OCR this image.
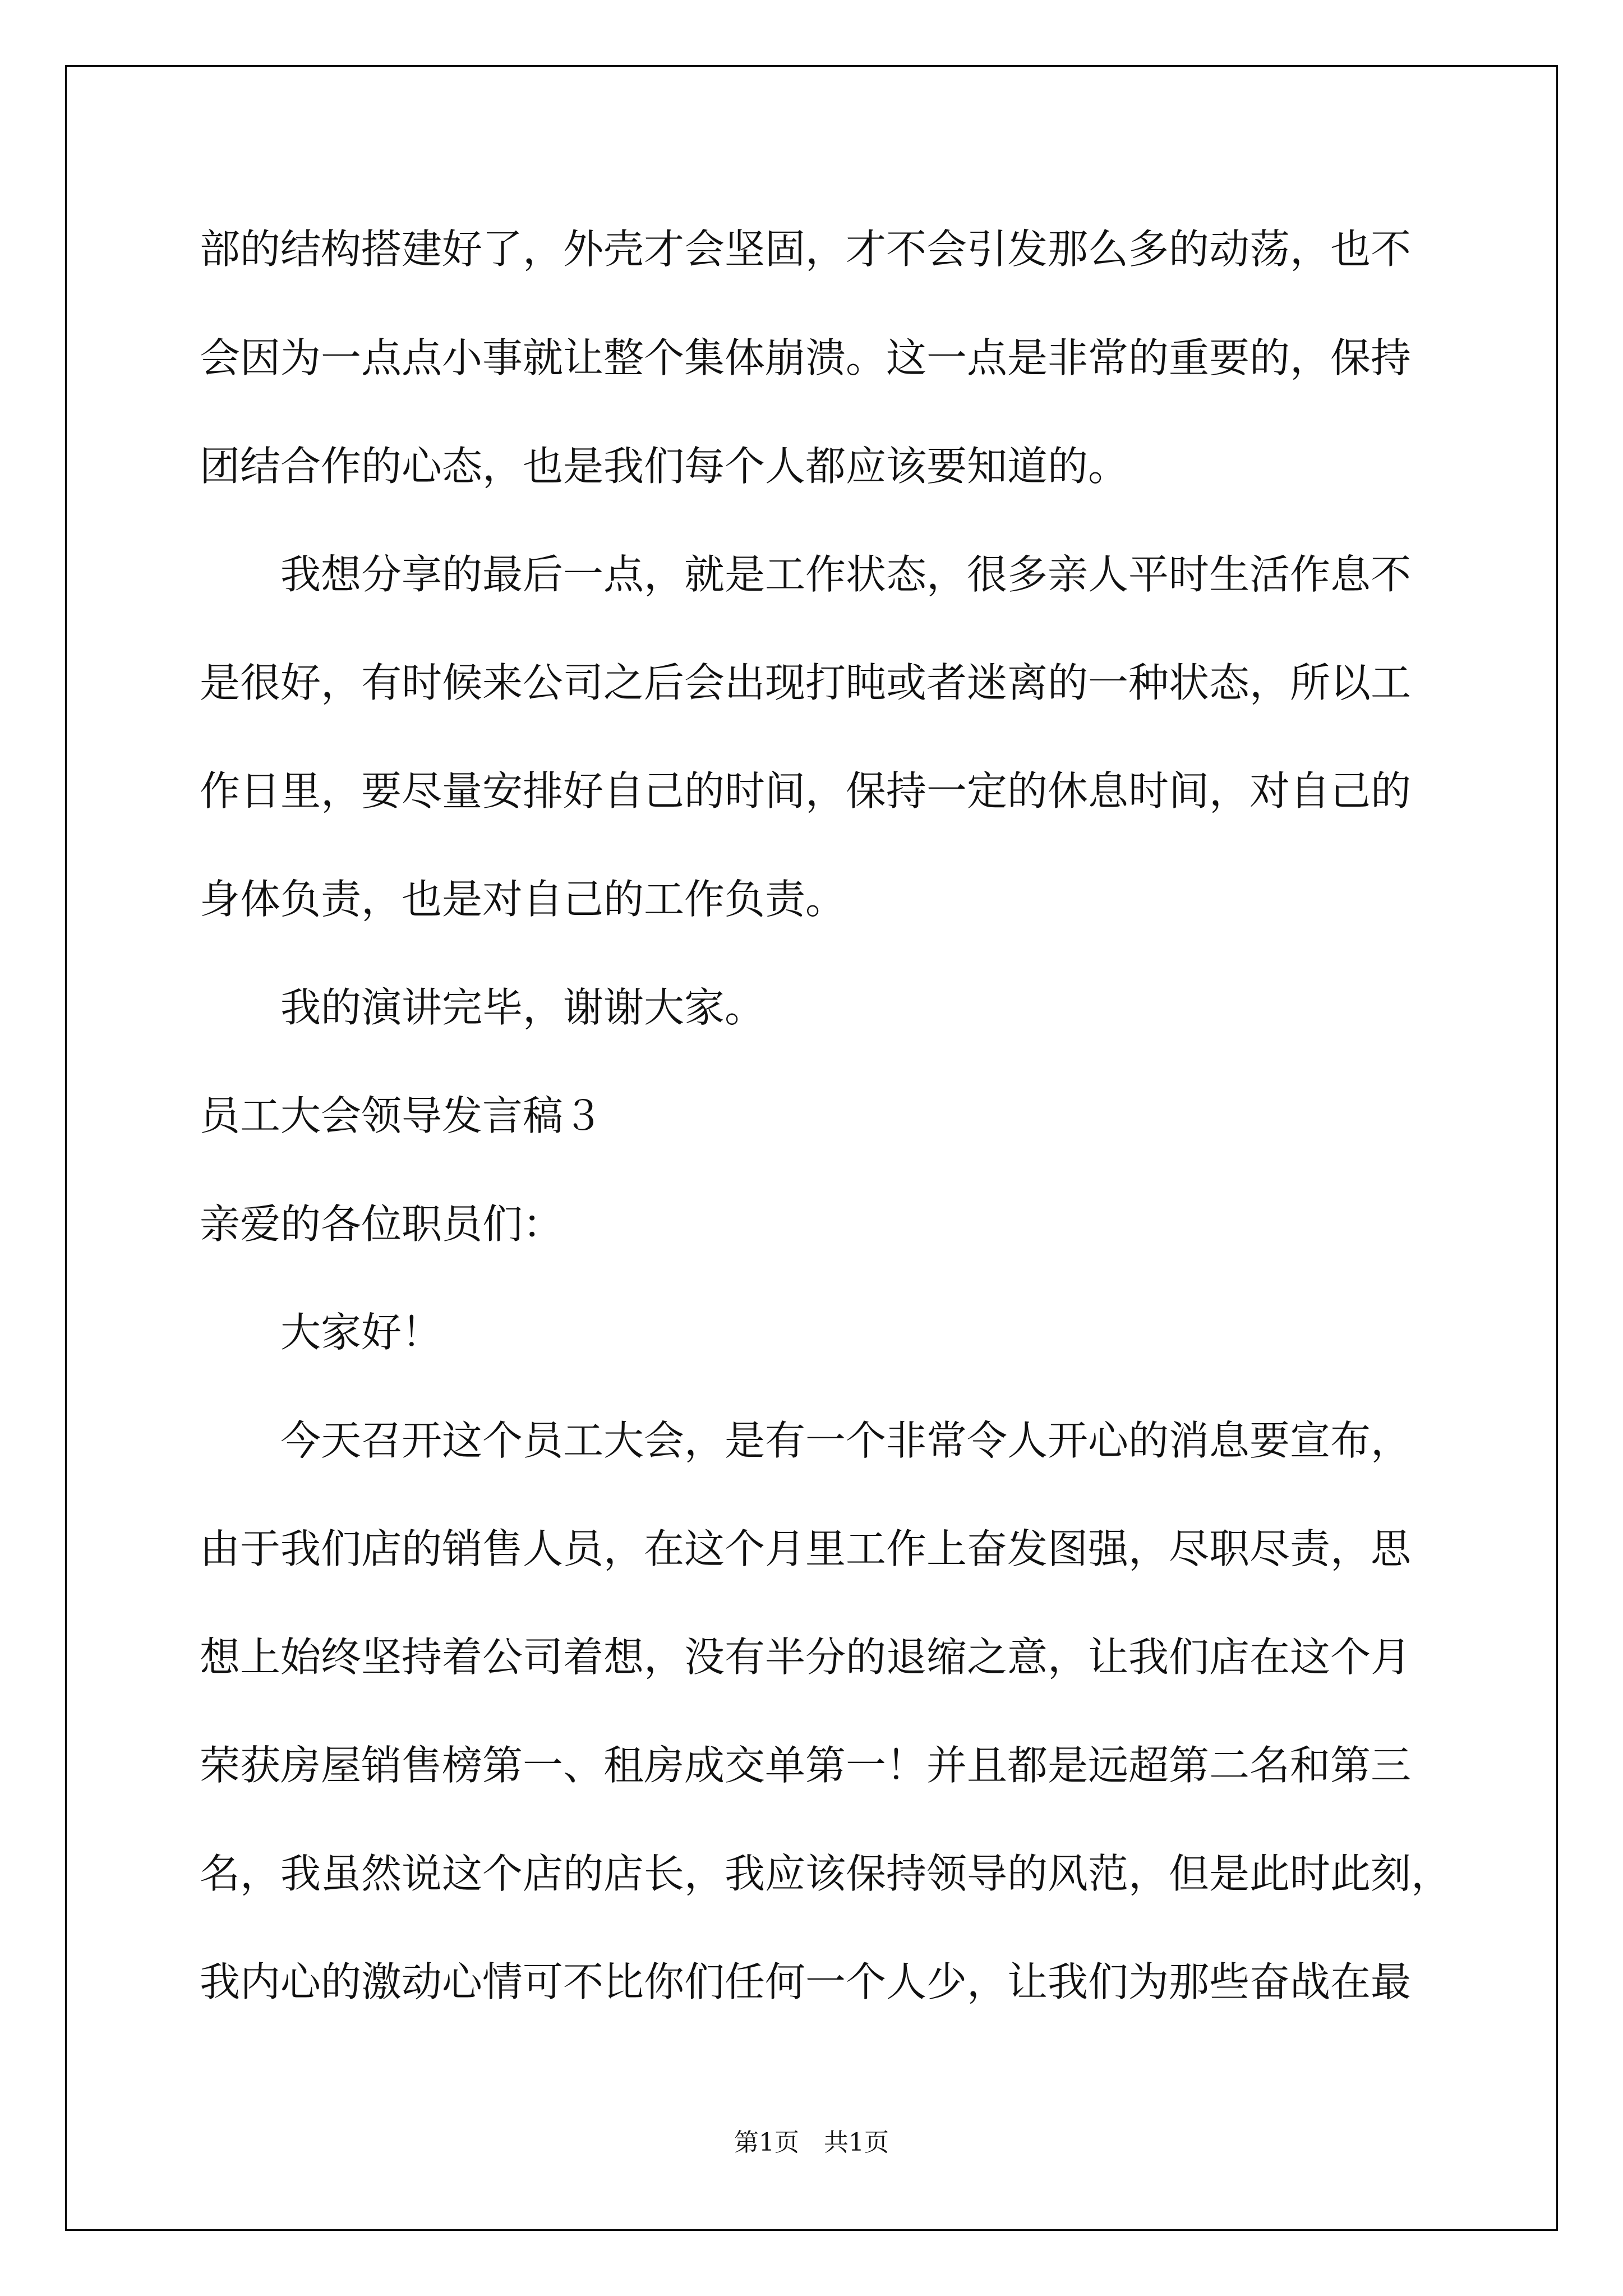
部的结构搭建好了，外壳才会坚固，才不会引发那么多的动荡，也不

会因为一点点小事就让整个集体崩溃。这一点是非常的重要的，保持

团结合作的心态，也是我们每个人都应该要知道的。

我想分享的最后一点，就是工作状态，很多亲人平时生活作息不

是很好，有时候来公司之后会出现打盹或者迷离的一种状态，所以工

作日里，要尽量安排好自己的时间，保持一定的休息时间，对自己的

身体负责，也是对自己的工作负责。

我的演讲完毕，谢谢大家。

员工大会领导发言稿３

亲爱的各位职员们：

大家好！

今天召开这个员工大会，是有一个非常令人开心的消息要宣布，

由于我们店的销售人员，在这个月里工作上奋发图强，尽职尽责，思

想上始终坚持着公司着想，没有半分的退缩之意，让我们店在这个月

荣获房屋销售榜第一、租房成交单第一！并且都是远超第二名和第三

名，我虽然说这个店的店长，我应该保持领导的风范，但是此时此刻，

我内心的激动心情可不比你们任何一个人少，让我们为那些奋战在最

第1页　共1页
